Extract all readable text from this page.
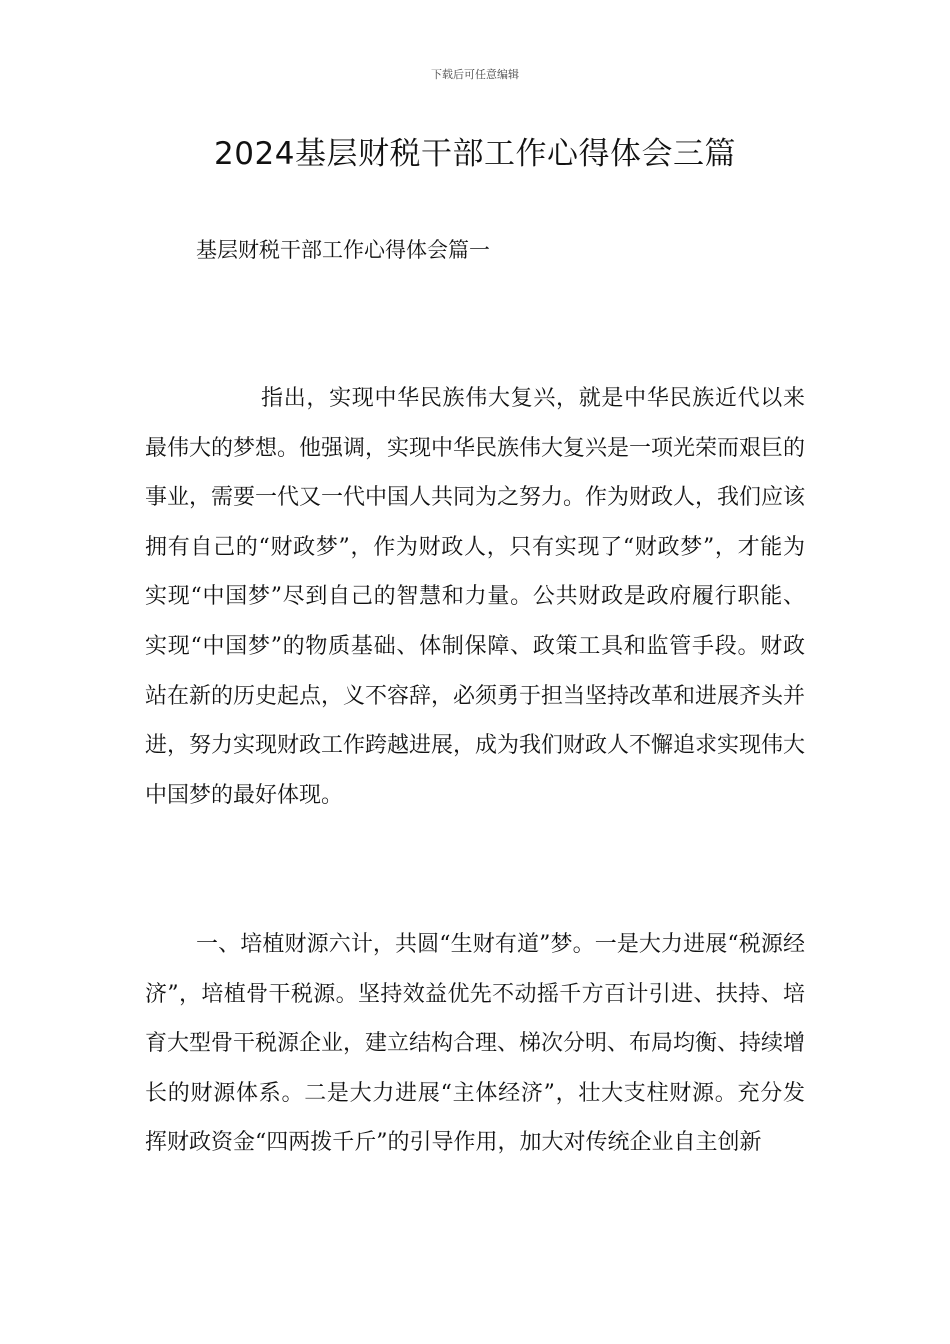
下载后可任意编辑
2024基层财税干部工作心得体会三篇
基层财税干部工作心得体会篇一

指出，实现中华民族伟大复兴，就是中华民族近代以来最伟大的梦想。他强调，实现中华民族伟大复兴是一项光荣而艰巨的事业，需要一代又一代中国人共同为之努力。作为财政人，我们应该拥有自己的“财政梦”，作为财政人，只有实现了“财政梦”，才能为实现“中国梦”尽到自己的智慧和力量。公共财政是政府履行职能、实现“中国梦”的物质基础、体制保障、政策工具和监管手段。财政站在新的历史起点，义不容辞，必须勇于担当坚持改革和进展齐头并进，努力实现财政工作跨越进展，成为我们财政人不懈追求实现伟大中国梦的最好体现。

一、培植财源六计，共圆“生财有道”梦。一是大力进展“税源经济”，培植骨干税源。坚持效益优先不动摇千方百计引进、扶持、培育大型骨干税源企业，建立结构合理、梯次分明、布局均衡、持续增长的财源体系。二是大力进展“主体经济”，壮大支柱财源。充分发挥财政资金“四两拨千斤”的引导作用，加大对传统企业自主创新
